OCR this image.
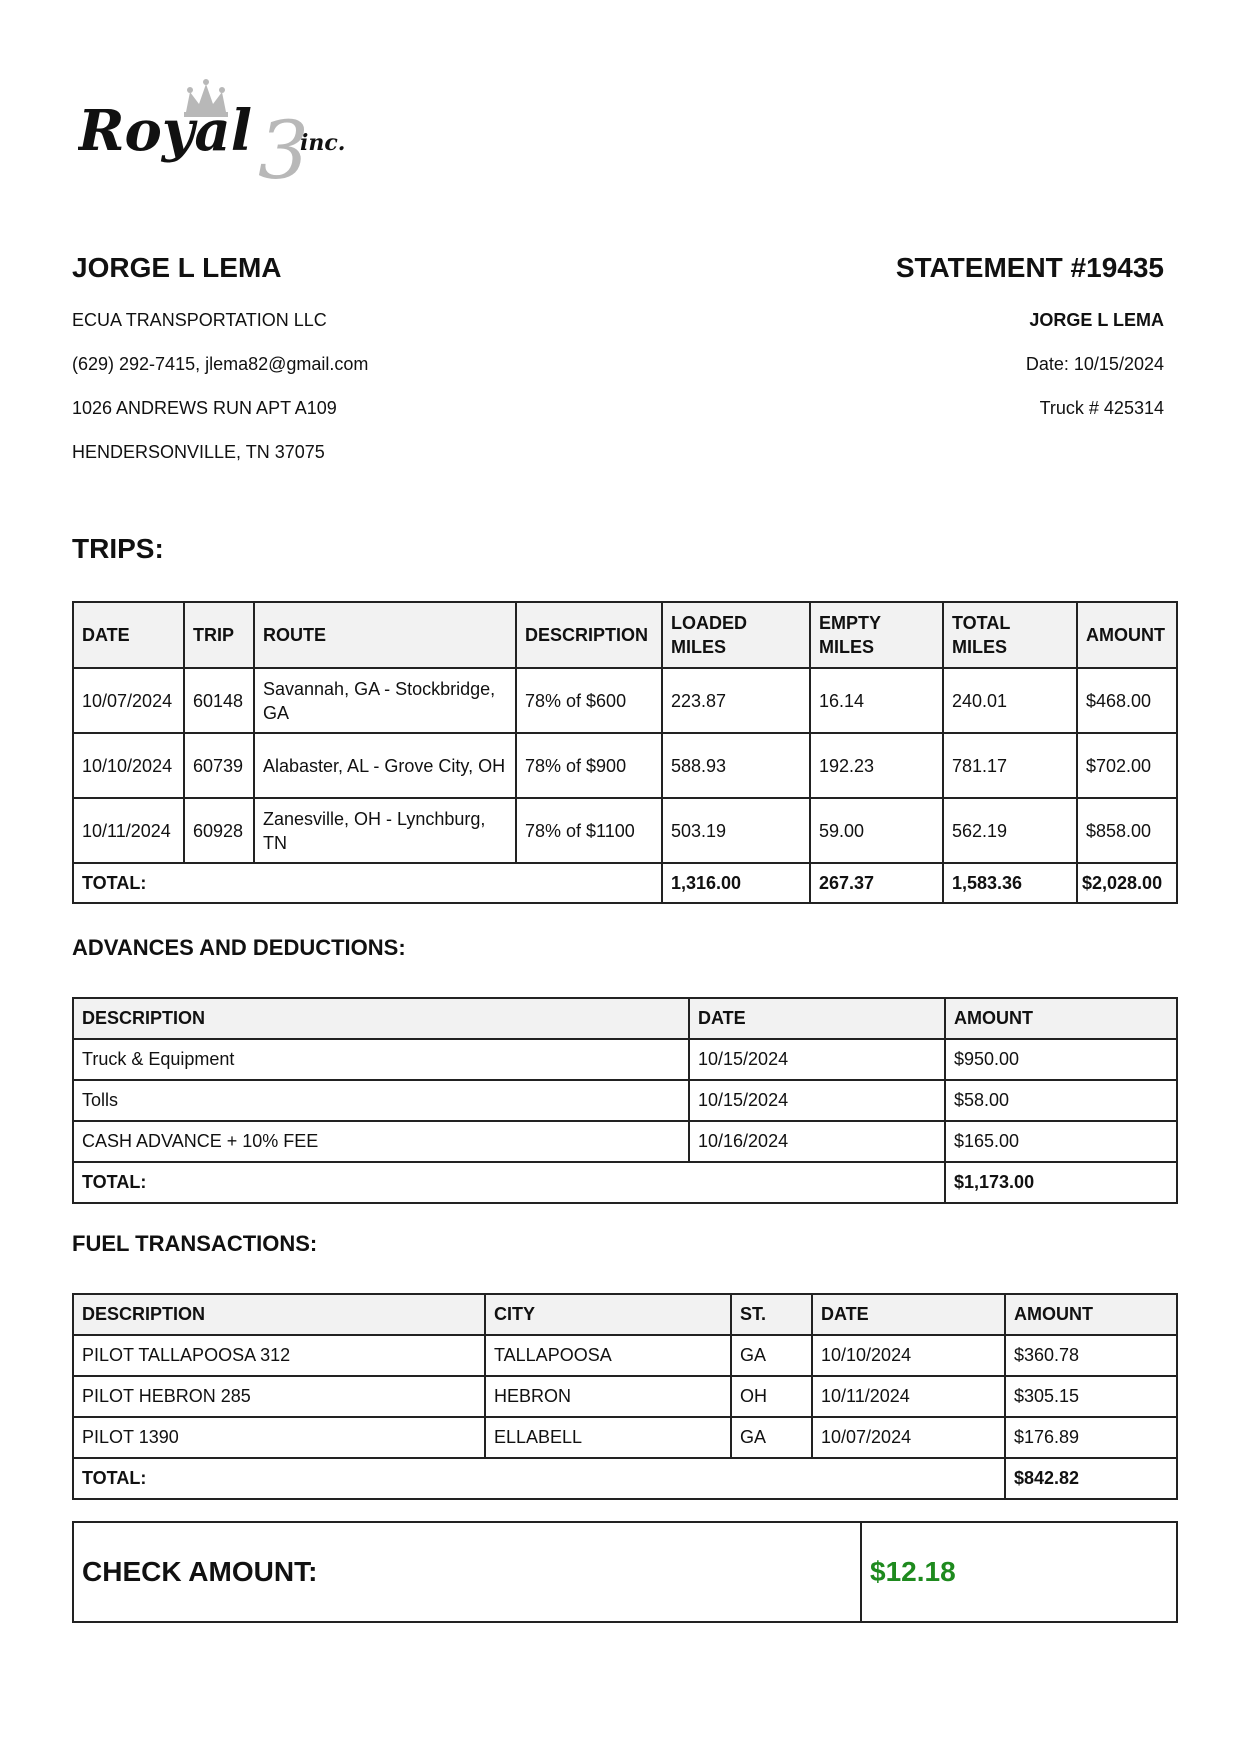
Royal 3
inc.
JORGE L LEMA
ECUA TRANSPORTATION LLC
(629) 292-7415, jlema82@gmail.com
1026 ANDREWS RUN APT A109
HENDERSONVILLE, TN 37075
STATEMENT #19435
JORGE L LEMA
Date: 10/15/2024
Truck # 425314
TRIPS:
DATE	TRIP	ROUTE	DESCRIPTION	LOADED MILES	EMPTY MILES	TOTAL MILES	AMOUNT
10/07/2024	60148	Savannah, GA - Stockbridge, GA	78% of $600	223.87	16.14	240.01	$468.00
10/10/2024	60739	Alabaster, AL - Grove City, OH	78% of $900	588.93	192.23	781.17	$702.00
10/11/2024	60928	Zanesville, OH - Lynchburg, TN	78% of $1100	503.19	59.00	562.19	$858.00
TOTAL:				1,316.00	267.37	1,583.36	$2,028.00
ADVANCES AND DEDUCTIONS:
DESCRIPTION	DATE	AMOUNT
Truck & Equipment	10/15/2024	$950.00
Tolls	10/15/2024	$58.00
CASH ADVANCE + 10% FEE	10/16/2024	$165.00
TOTAL:		$1,173.00
FUEL TRANSACTIONS:
DESCRIPTION	CITY	ST.	DATE	AMOUNT
PILOT TALLAPOOSA 312	TALLAPOOSA	GA	10/10/2024	$360.78
PILOT HEBRON 285	HEBRON	OH	10/11/2024	$305.15
PILOT 1390	ELLABELL	GA	10/07/2024	$176.89
TOTAL:				$842.82
CHECK AMOUNT:	$12.18
